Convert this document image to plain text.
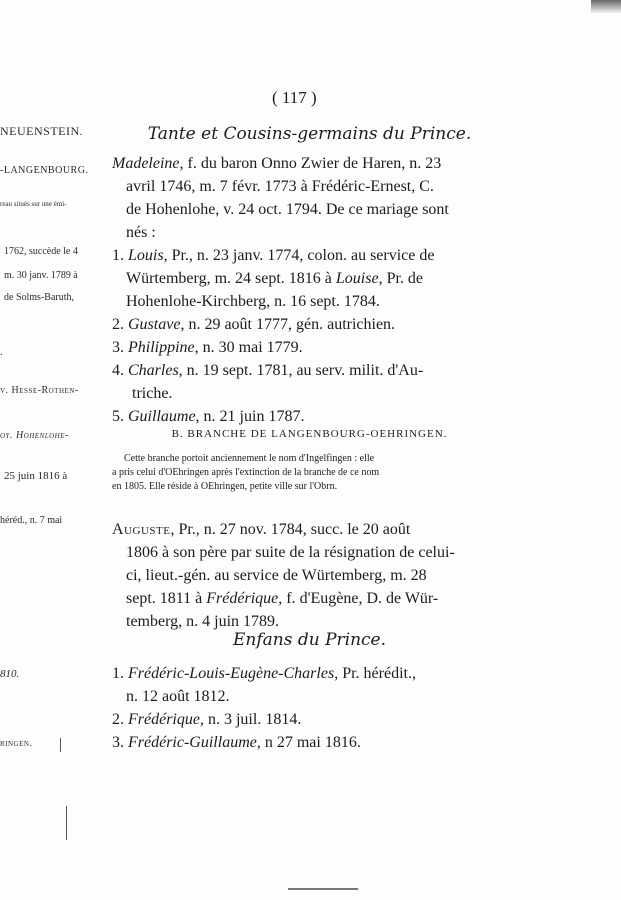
( 117 )
NEUENSTEIN.
-LANGENBOURG.
reau situés sur une émi-
1762, succède le 4
m. 30 janv. 1789 à
de Solms-Baruth,
.
v. Hesse-Rothen-
oy. Hohenlohe-
25 juin 1816 à
héréd., n. 7 mai
810.
ringen.
Tante et Cousins-germains du Prince.
Madeleine, f. du baron Onno Zwier de Haren, n. 23
avril 1746, m. 7 févr. 1773 à Frédéric-Ernest, C.
de Hohenlohe, v. 24 oct. 1794. De ce mariage sont
nés :
1. Louis, Pr., n. 23 janv. 1774, colon. au service de
Würtemberg, m. 24 sept. 1816 à Louise, Pr. de
Hohenlohe-Kirchberg, n. 16 sept. 1784.
2. Gustave, n. 29 août 1777, gén. autrichien.
3. Philippine, n. 30 mai 1779.
4. Charles, n. 19 sept. 1781, au serv. milit. d'Au-
triche.
5. Guillaume, n. 21 juin 1787.
B. BRANCHE DE LANGENBOURG-OEHRINGEN.
Cette branche portoit anciennement le nom d'Ingelfingen : elle
a pris celui d'OEhringen après l'extinction de la branche de ce nom
en 1805. Elle réside à OEhringen, petite ville sur l'Obrn.
Auguste, Pr., n. 27 nov. 1784, succ. le 20 août
1806 à son père par suite de la résignation de celui-
ci, lieut.-gén. au service de Würtemberg, m. 28
sept. 1811 à Frédérique, f. d'Eugène, D. de Wür-
temberg, n. 4 juin 1789.
Enfans du Prince.
1. Frédéric-Louis-Eugène-Charles, Pr. hérédit.,
n. 12 août 1812.
2. Frédérique, n. 3 juil. 1814.
3. Frédéric-Guillaume, n 27 mai 1816.
